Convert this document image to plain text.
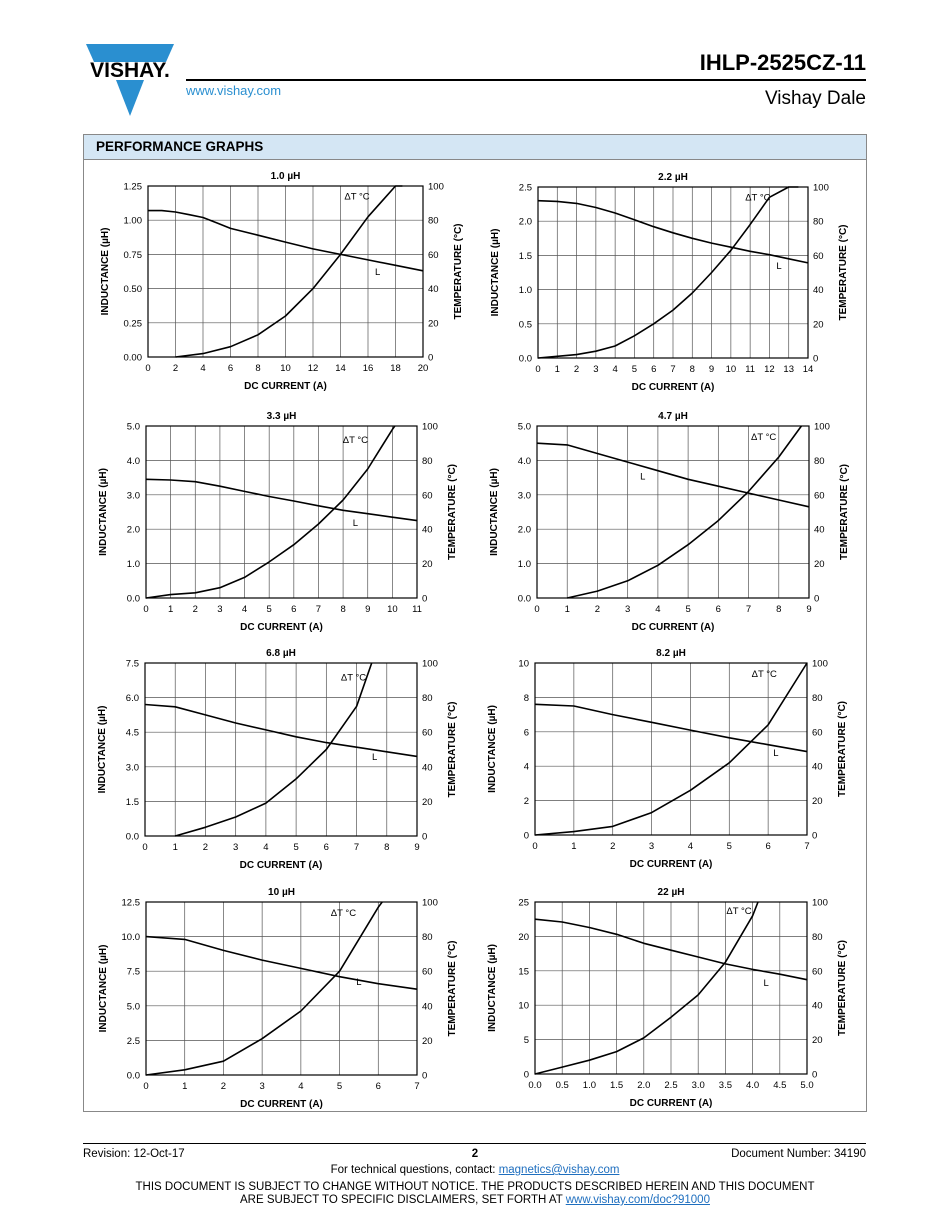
VISHAY.
www.vishay.com
IHLP-2525CZ-11
Vishay Dale
PERFORMANCE GRAPHS
0 2 4 6 8 10 12 14 16 18 20
0.00
0.25
0.50
0.75
1.00
1.25
0
20
40
60
80
100
ΔT °C
L
1.0 µH
DC CURRENT (A)
INDUCTANCE (µH)	TEMPERATURE (°C)
0 1 2 3 4 5 6 7 8 9 10 11 12 13 14
0.0
0.5
1.0
1.5
2.0
2.5
0
20
40
60
80
100
ΔT °C
L
2.2 µH
DC CURRENT (A)
INDUCTANCE (µH)	TEMPERATURE (°C)
0 1 2 3 4 5 6 7 8 9 10 11
0.0
1.0
2.0
3.0
4.0
5.0
0
20
40
60
80
100
ΔT °C
L
3.3 µH
DC CURRENT (A)
INDUCTANCE (µH)	TEMPERATURE (°C)
0	1	2	3	4	5	6	7	8	9
0.0
1.0
2.0
3.0
4.0
5.0
0
20
40
60
80
100
ΔT °C
L
4.7 µH
DC CURRENT (A)
INDUCTANCE (µH)	TEMPERATURE (°C)
0	1	2	3	4	5	6	7	8	9
0.0
1.5
3.0
4.5
6.0
7.5
0
20
40
60
80
100
ΔT °C
L
6.8 µH
DC CURRENT (A)
INDUCTANCE (µH)	TEMPERATURE (°C)
0	1	2	3	4	5	6	7
0
2
4
6
8
10
0
20
40
60
80
100
ΔT °C
L
8.2 µH
DC CURRENT (A)
INDUCTANCE (µH)	TEMPERATURE (°C)
0	1	2	3	4	5	6	7
0.0
2.5
5.0
7.5
10.0
12.5
0
20
40
60
80
100
ΔT °C
L
10 µH
DC CURRENT (A)
INDUCTANCE (µH)	TEMPERATURE (°C)
0.0 0.5 1.0 1.5 2.0 2.5 3.0 3.5 4.0 4.5 5.0
0
5
10
15
20
25
0
20
40
60
80
100
ΔT °C
L
22 µH
DC CURRENT (A)
INDUCTANCE (µH)	TEMPERATURE (°C)
Revision: 12-Oct-17	2	Document Number: 34190
For technical questions, contact: magnetics@vishay.com
THIS DOCUMENT IS SUBJECT TO CHANGE WITHOUT NOTICE. THE PRODUCTS DESCRIBED HEREIN AND THIS DOCUMENT
ARE SUBJECT TO SPECIFIC DISCLAIMERS, SET FORTH AT www.vishay.com/doc?91000
